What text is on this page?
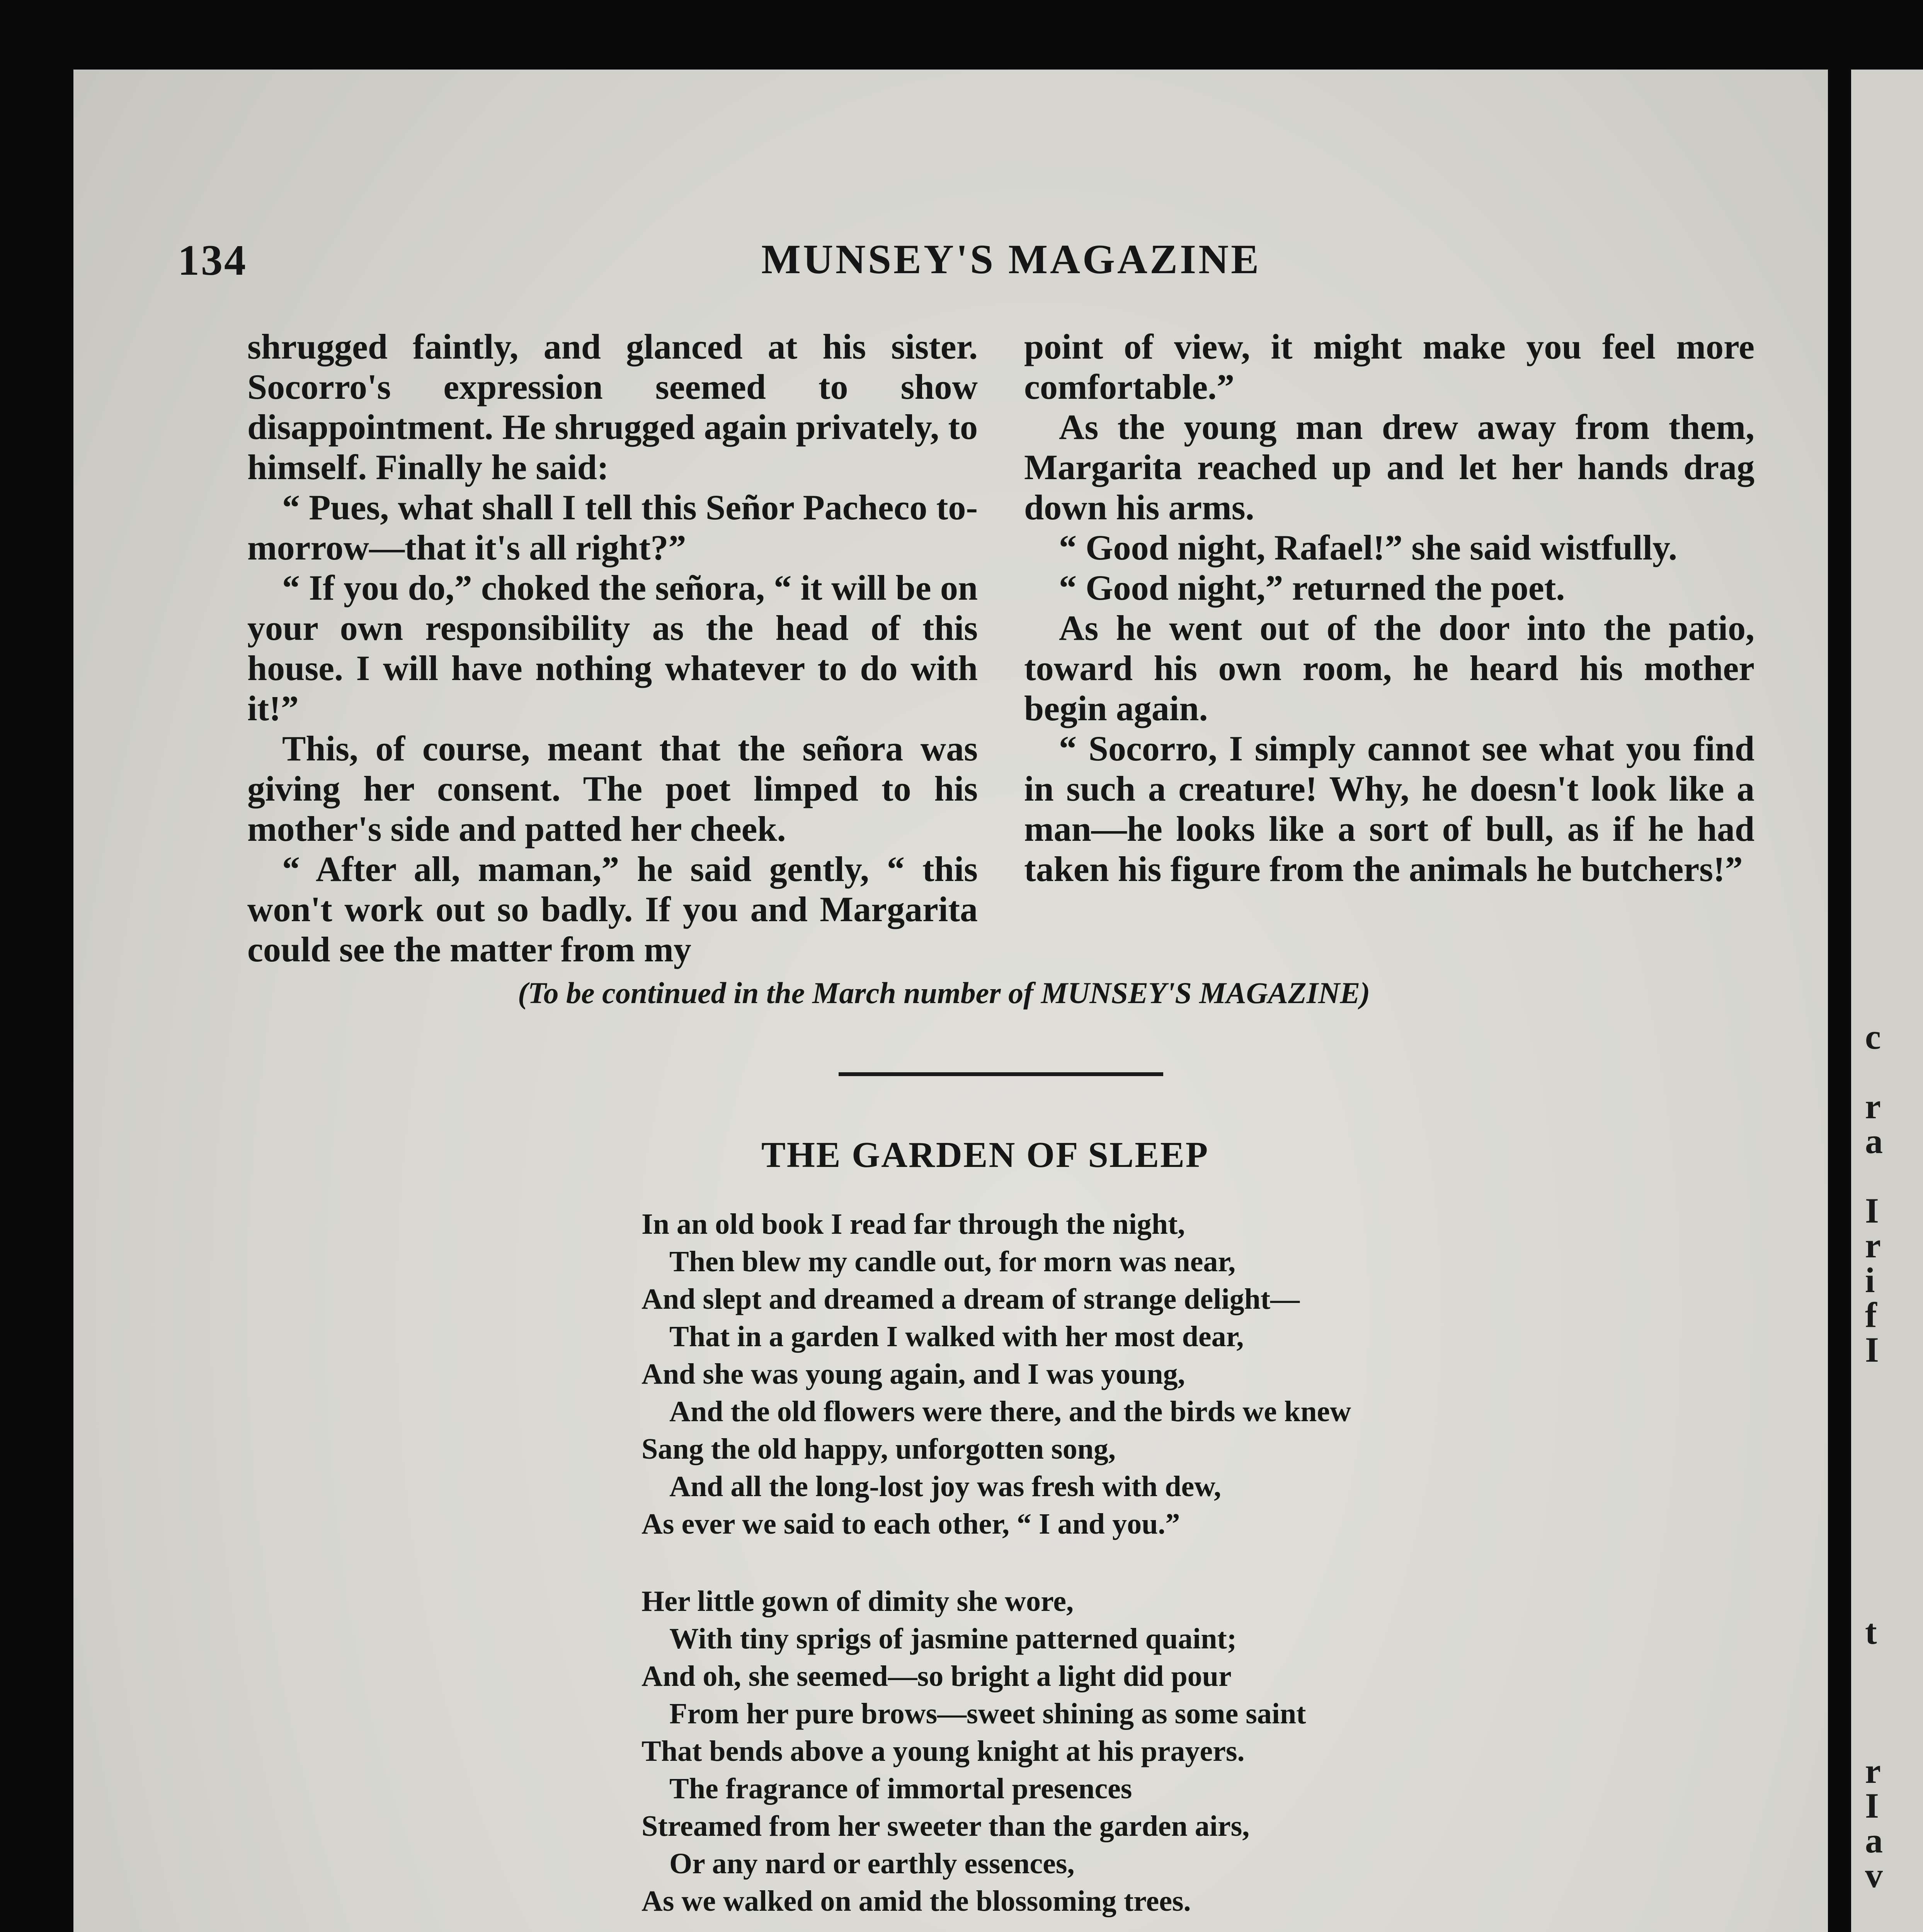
c
r
a
I
r
i
f
I
t
r
I
a
v
134	MUNSEY'S MAGAZINE

shrugged faintly, and glanced at his sister. Socorro's expression seemed to show disappointment. He shrugged again privately, to himself. Finally he said:

“ Pues, what shall I tell this Señor Pacheco to-morrow—that it's all right?”

“ If you do,” choked the señora, “ it will be on your own responsibility as the head of this house. I will have nothing whatever to do with it!”

This, of course, meant that the señora was giving her consent. The poet limped to his mother's side and patted her cheek.

“ After all, maman,” he said gently, “ this won't work out so badly. If you and Margarita could see the matter from my

point of view, it might make you feel more comfortable.”

As the young man drew away from them, Margarita reached up and let her hands drag down his arms.

“ Good night, Rafael!” she said wistfully.

“ Good night,” returned the poet.

As he went out of the door into the patio, toward his own room, he heard his mother begin again.

“ Socorro, I simply cannot see what you find in such a creature! Why, he doesn't look like a man—he looks like a sort of bull, as if he had taken his figure from the animals he butchers!”

(To be continued in the March number of MUNSEY'S MAGAZINE)
THE GARDEN OF SLEEP
In an old book I read far through the night,
Then blew my candle out, for morn was near,
And slept and dreamed a dream of strange delight—
That in a garden I walked with her most dear,
And she was young again, and I was young,
And the old flowers were there, and the birds we knew
Sang the old happy, unforgotten song,
And all the long-lost joy was fresh with dew,
As ever we said to each other, “ I and you.”
Her little gown of dimity she wore,
With tiny sprigs of jasmine patterned quaint;
And oh, she seemed—so bright a light did pour
From her pure brows—sweet shining as some saint
That bends above a young knight at his prayers.
The fragrance of immortal presences
Streamed from her sweeter than the garden airs,
Or any nard or earthly essences,
As we walked on amid the blossoming trees.
